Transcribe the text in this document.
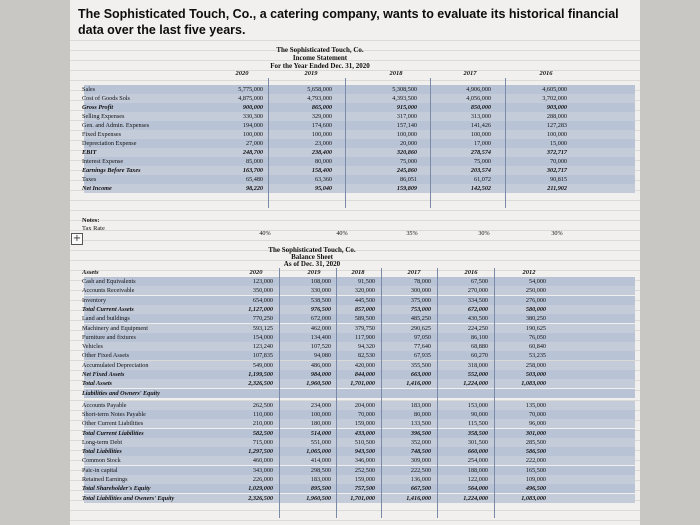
The Sophisticated Touch, Co., a catering company, wants to evaluate its historical financial data over the last five years.
The Sophisticated Touch, Co.
Income Statement
For the Year Ended Dec. 31, 2020
2020	2019	2018	2017	2016
Sales	5,775,000	5,658,000	5,308,500	4,906,000	4,605,000
Cost of Goods Sols	4,875,000	4,793,000	4,393,500	4,056,000	3,702,000
Gross Profit	900,000	865,000	915,000	850,000	903,000
Selling Expenses	330,300	329,000	317,000	313,000	288,000
Gen. and Admin. Expenses	194,000	174,600	157,140	141,426	127,283
Fixed Expenses	100,000	100,000	100,000	100,000	100,000
Depreciation Expense	27,000	23,000	20,000	17,000	15,000
EBIT	248,700	238,400	320,860	278,574	372,717
Interest Expense	85,000	80,000	75,000	75,000	70,000
Earnings Before Taxes	163,700	158,400	245,860	203,574	302,717
Taxes	65,480	63,360	86,051	61,072	90,815
Net Income	98,220	95,040	159,809	142,502	211,902
Notes:
Tax Rate
40%	40%	35%	30%	30%
+
The Sophisticated Touch, Co.
Balance Sheet
As of Dec. 31, 2020
Assets	2020	2019	2018	2017	2016	2012
Cash and Equivalents	123,000	108,000	91,500	78,000	67,500	54,000
Accounts Receivable	350,000	330,000	320,000	300,000	270,000	250,000
Inventory	654,000	538,500	445,500	375,000	334,500	276,000
Total Current Assets	1,127,000	976,500	857,000	753,000	672,000	580,000
Land and buildings	770,250	672,000	589,500	485,250	430,500	380,250
Machinery and Equipment	593,125	462,000	379,750	290,625	224,250	190,625
Furniture and fixtures	154,000	134,400	117,900	97,050	86,100	76,050
Vehicles	123,240	107,520	94,320	77,640	68,880	60,840
Other Fixed Assets	107,835	94,080	82,530	67,935	60,270	53,235
Accumulated Depreciation	549,000	486,000	420,000	355,500	318,000	258,000
Net Fixed Assets	1,199,500	984,000	844,000	663,000	552,000	503,000
Total Assets	2,326,500	1,960,500	1,701,000	1,416,000	1,224,000	1,083,000
Liabilities and Owners' Equity
Accounts Payable	262,500	234,000	204,000	183,000	153,000	135,000
Short-term Notes Payable	110,000	100,000	70,000	80,000	90,000	70,000
Other Current Liabilities	210,000	180,000	159,000	133,500	115,500	96,000
Total Current Liabilities	582,500	514,000	433,000	396,500	358,500	301,000
Long-term Debt	715,000	551,000	510,500	352,000	301,500	285,500
Total Liabilities	1,297,500	1,065,000	943,500	748,500	660,000	586,500
Common Stock	460,000	414,000	346,000	309,000	254,000	222,000
Paic-in capital	343,000	298,500	252,500	222,500	188,000	165,500
Retained Earnings	226,000	183,000	159,000	136,000	122,000	109,000
Total Shareholder's Equity	1,029,000	895,500	757,500	667,500	564,000	496,500
Total Liabilities and Owners' Equity	2,326,500	1,960,500	1,701,000	1,416,000	1,224,000	1,083,000
